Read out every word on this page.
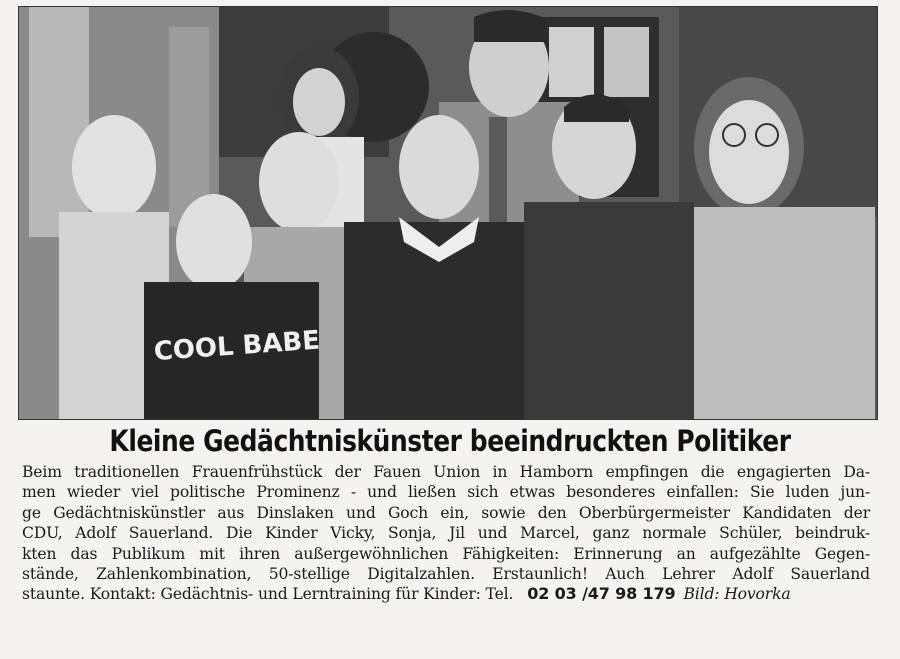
COOL BABE
Kleine Gedächtniskünster beeindruckten Politiker
Beim traditionellen Frauenfrühstück der Fauen Union in Hamborn empfingen die engagierten Da-
men wieder viel politische Prominenz - und ließen sich etwas besonderes einfallen: Sie luden jun-
ge Gedächtniskünstler aus Dinslaken und Goch ein, sowie den Oberbürgermeister Kandidaten der
CDU, Adolf Sauerland. Die Kinder Vicky, Sonja, Jil und Marcel, ganz normale Schüler, beindruk-
kten das Publikum mit ihren außergewöhnlichen Fähigkeiten: Erinnerung an aufgezählte Gegen-
stände, Zahlenkombination, 50-stellige Digitalzahlen. Erstaunlich! Auch Lehrer Adolf Sauerland
staunte. Kontakt: Gedächtnis- und Lerntraining für Kinder: Tel. 02 03 /47 98 179 Bild: Hovorka
